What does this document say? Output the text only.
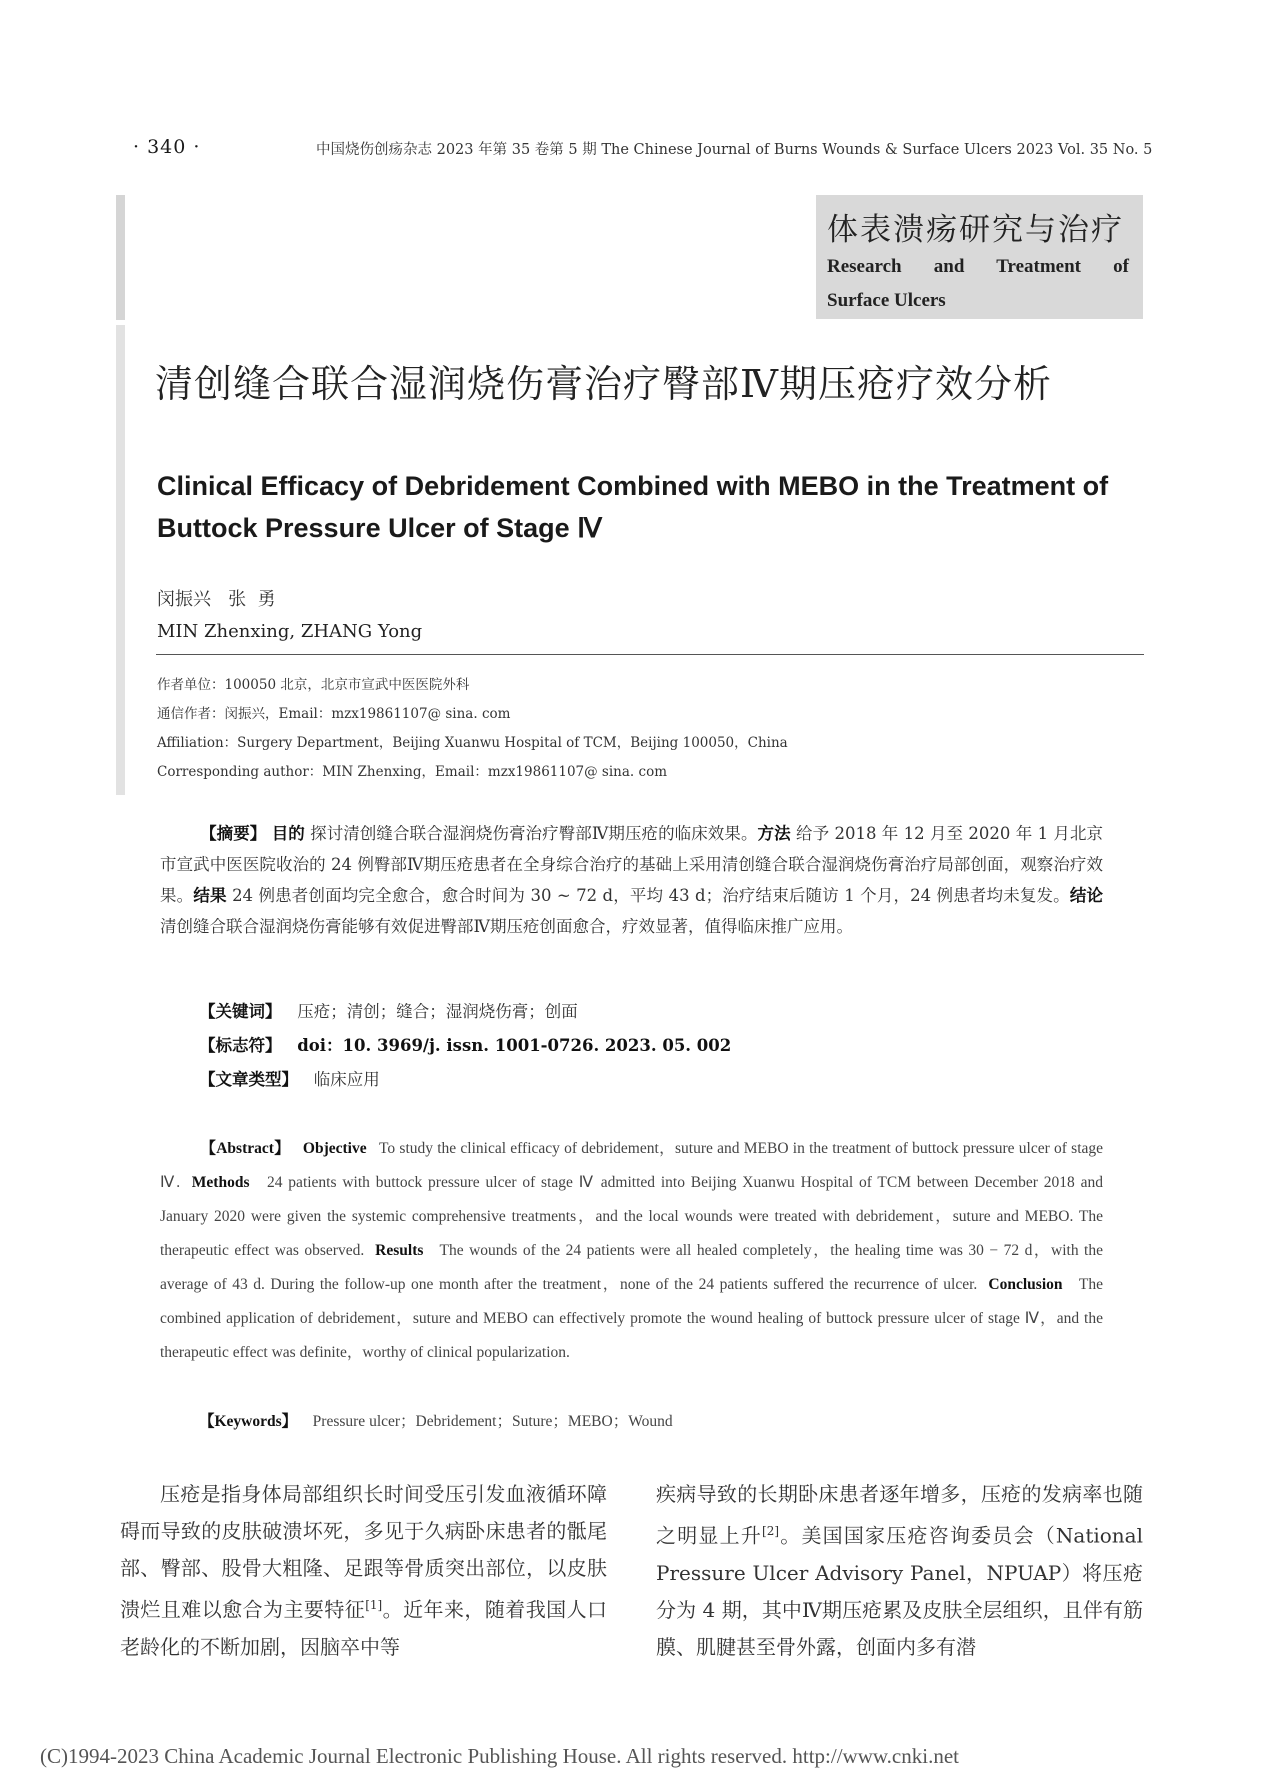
· 340 ·	中国烧伤创疡杂志 2023 年第 35 卷第 5 期 The Chinese Journal of Burns Wounds & Surface Ulcers 2023 Vol. 35 No. 5
体表溃疡研究与治疗
Research and Treatment of
Surface Ulcers
清创缝合联合湿润烧伤膏治疗臀部Ⅳ期压疮疗效分析
Clinical Efficacy of Debridement Combined with MEBO in the Treatment of Buttock Pressure Ulcer of Stage Ⅳ
闵振兴   张  勇
MIN Zhenxing, ZHANG Yong
作者单位：100050 北京，北京市宣武中医医院外科
通信作者：闵振兴，Email：mzx19861107@ sina. com
Affiliation：Surgery Department，Beijing Xuanwu Hospital of TCM，Beijing 100050，China
Corresponding author：MIN Zhenxing，Email：mzx19861107@ sina. com
【摘要】 目的 探讨清创缝合联合湿润烧伤膏治疗臀部Ⅳ期压疮的临床效果。方法 给予 2018 年 12 月至 2020 年 1 月北京市宣武中医医院收治的 24 例臀部Ⅳ期压疮患者在全身综合治疗的基础上采用清创缝合联合湿润烧伤膏治疗局部创面，观察治疗效果。结果 24 例患者创面均完全愈合，愈合时间为 30 ~ 72 d，平均 43 d；治疗结束后随访 1 个月，24 例患者均未复发。结论 清创缝合联合湿润烧伤膏能够有效促进臀部Ⅳ期压疮创面愈合，疗效显著，值得临床推广应用。
【关键词】 压疮；清创；缝合；湿润烧伤膏；创面
【标志符】 doi：10. 3969/j. issn. 1001-0726. 2023. 05. 002
【文章类型】 临床应用
【Abstract】 Objective To study the clinical efficacy of debridement，suture and MEBO in the treatment of buttock pressure ulcer of stage Ⅳ. Methods 24 patients with buttock pressure ulcer of stage Ⅳ admitted into Beijing Xuanwu Hospital of TCM between December 2018 and January 2020 were given the systemic comprehensive treatments，and the local wounds were treated with debridement，suture and MEBO. The therapeutic effect was observed. Results The wounds of the 24 patients were all healed completely，the healing time was 30 − 72 d，with the average of 43 d. During the follow-up one month after the treatment，none of the 24 patients suffered the recurrence of ulcer. Conclusion The combined application of debridement，suture and MEBO can effectively promote the wound healing of buttock pressure ulcer of stage Ⅳ，and the therapeutic effect was definite，worthy of clinical popularization.
【Keywords】 Pressure ulcer；Debridement；Suture；MEBO；Wound
压疮是指身体局部组织长时间受压引发血液循环障碍而导致的皮肤破溃坏死，多见于久病卧床患者的骶尾部、臀部、股骨大粗隆、足跟等骨质突出部位，以皮肤溃烂且难以愈合为主要特征[1]。近年来，随着我国人口老龄化的不断加剧，因脑卒中等
疾病导致的长期卧床患者逐年增多，压疮的发病率也随之明显上升[2]。美国国家压疮咨询委员会（National Pressure Ulcer Advisory Panel，NPUAP）将压疮分为 4 期，其中Ⅳ期压疮累及皮肤全层组织，且伴有筋膜、肌腱甚至骨外露，创面内多有潜
(C)1994-2023 China Academic Journal Electronic Publishing House. All rights reserved. http://www.cnki.net
